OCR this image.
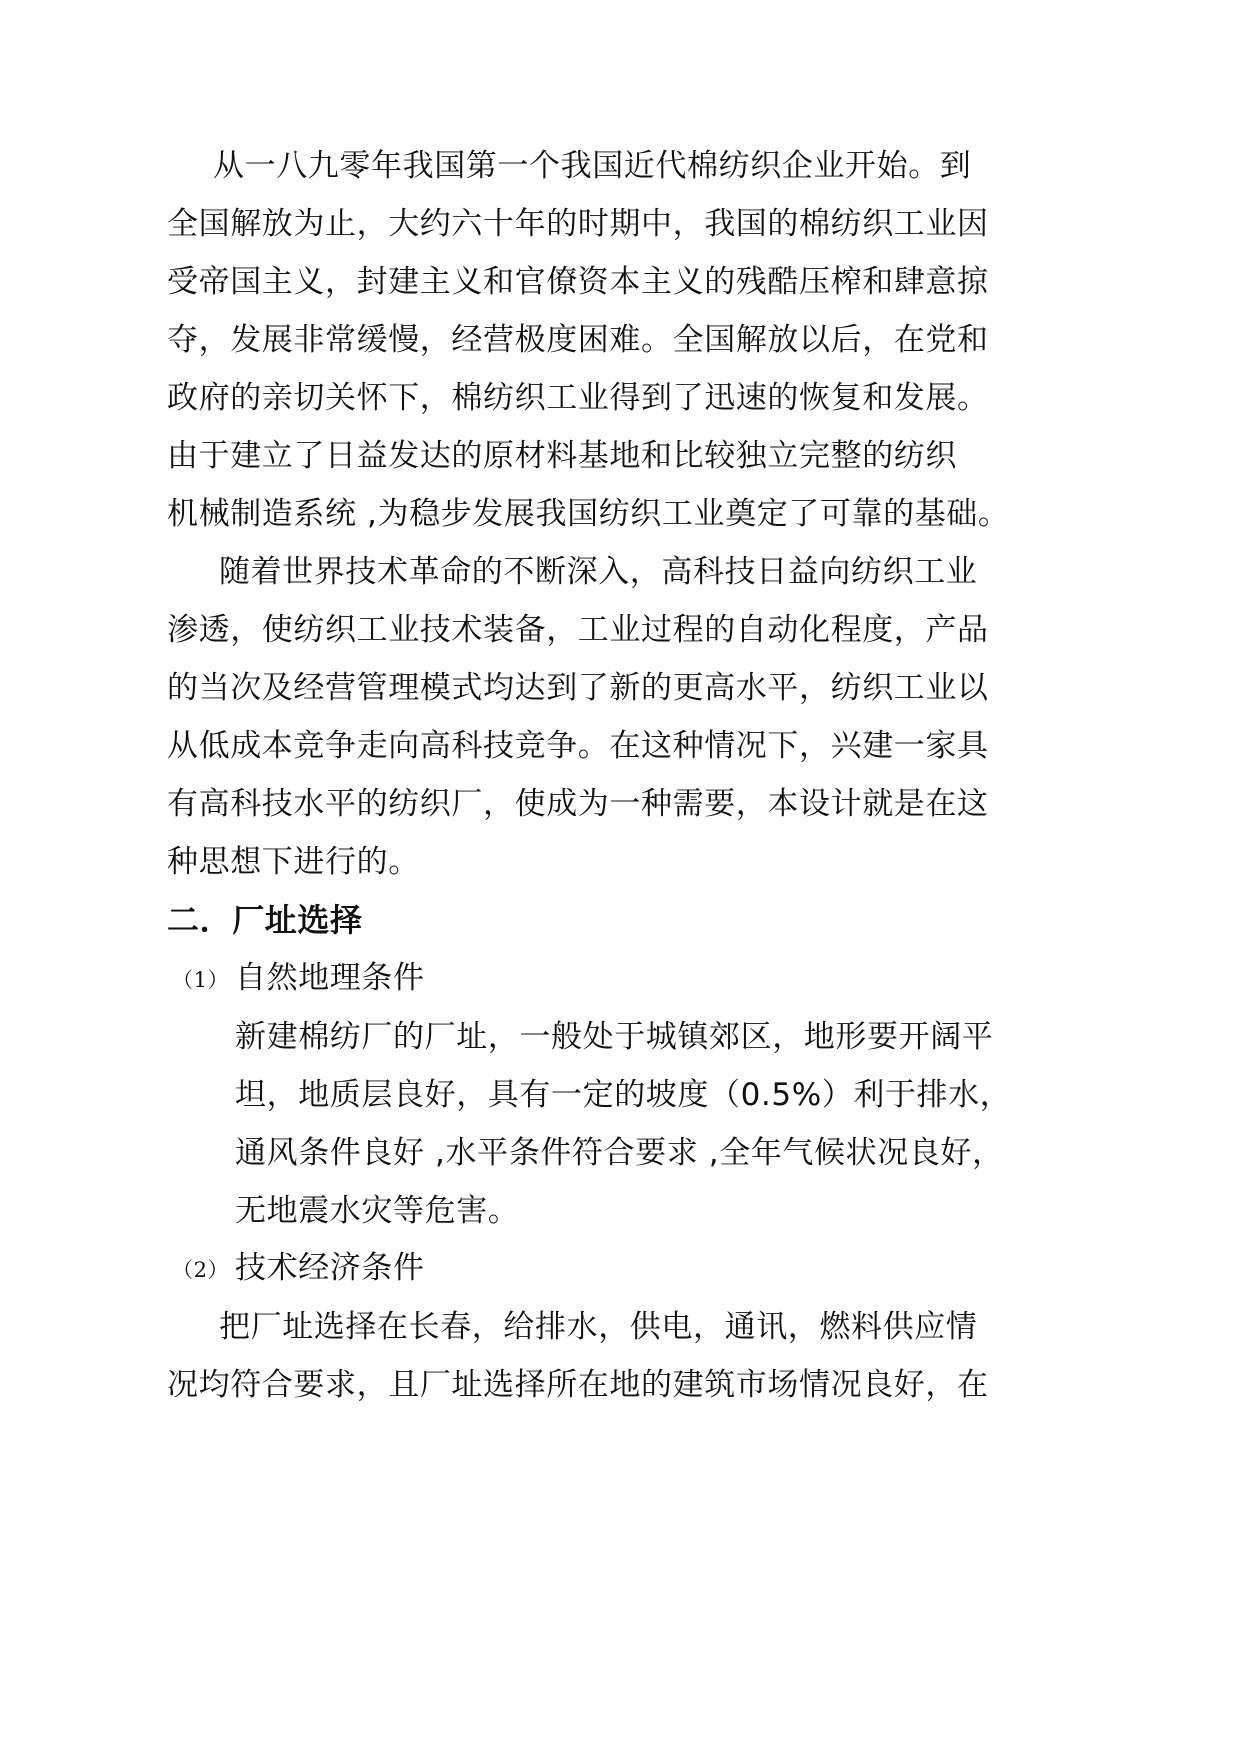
从一八九零年我国第一个我国近代棉纺织企业开始。到
全国解放为止，大约六十年的时期中，我国的棉纺织工业因
受帝国主义，封建主义和官僚资本主义的残酷压榨和肆意掠
夺，发展非常缓慢，经营极度困难。全国解放以后，在党和
政府的亲切关怀下，棉纺织工业得到了迅速的恢复和发展。
由于建立了日益发达的原材料基地和比较独立完整的纺织
机械制造系统 ,为稳步发展我国纺织工业奠定了可靠的基础。
随着世界技术革命的不断深入，高科技日益向纺织工业
渗透，使纺织工业技术装备，工业过程的自动化程度，产品
的当次及经营管理模式均达到了新的更高水平，纺织工业以
从低成本竞争走向高科技竞争。在这种情况下，兴建一家具
有高科技水平的纺织厂，使成为一种需要，本设计就是在这
种思想下进行的。
二．厂址选择
（1） 自然地理条件
新建棉纺厂的厂址，一般处于城镇郊区，地形要开阔平
坦，地质层良好，具有一定的坡度（0.5%）利于排水，
通风条件良好 ,水平条件符合要求 ,全年气候状况良好，
无地震水灾等危害。
（2） 技术经济条件
把厂址选择在长春，给排水，供电，通讯，燃料供应情
况均符合要求，且厂址选择所在地的建筑市场情况良好，在
